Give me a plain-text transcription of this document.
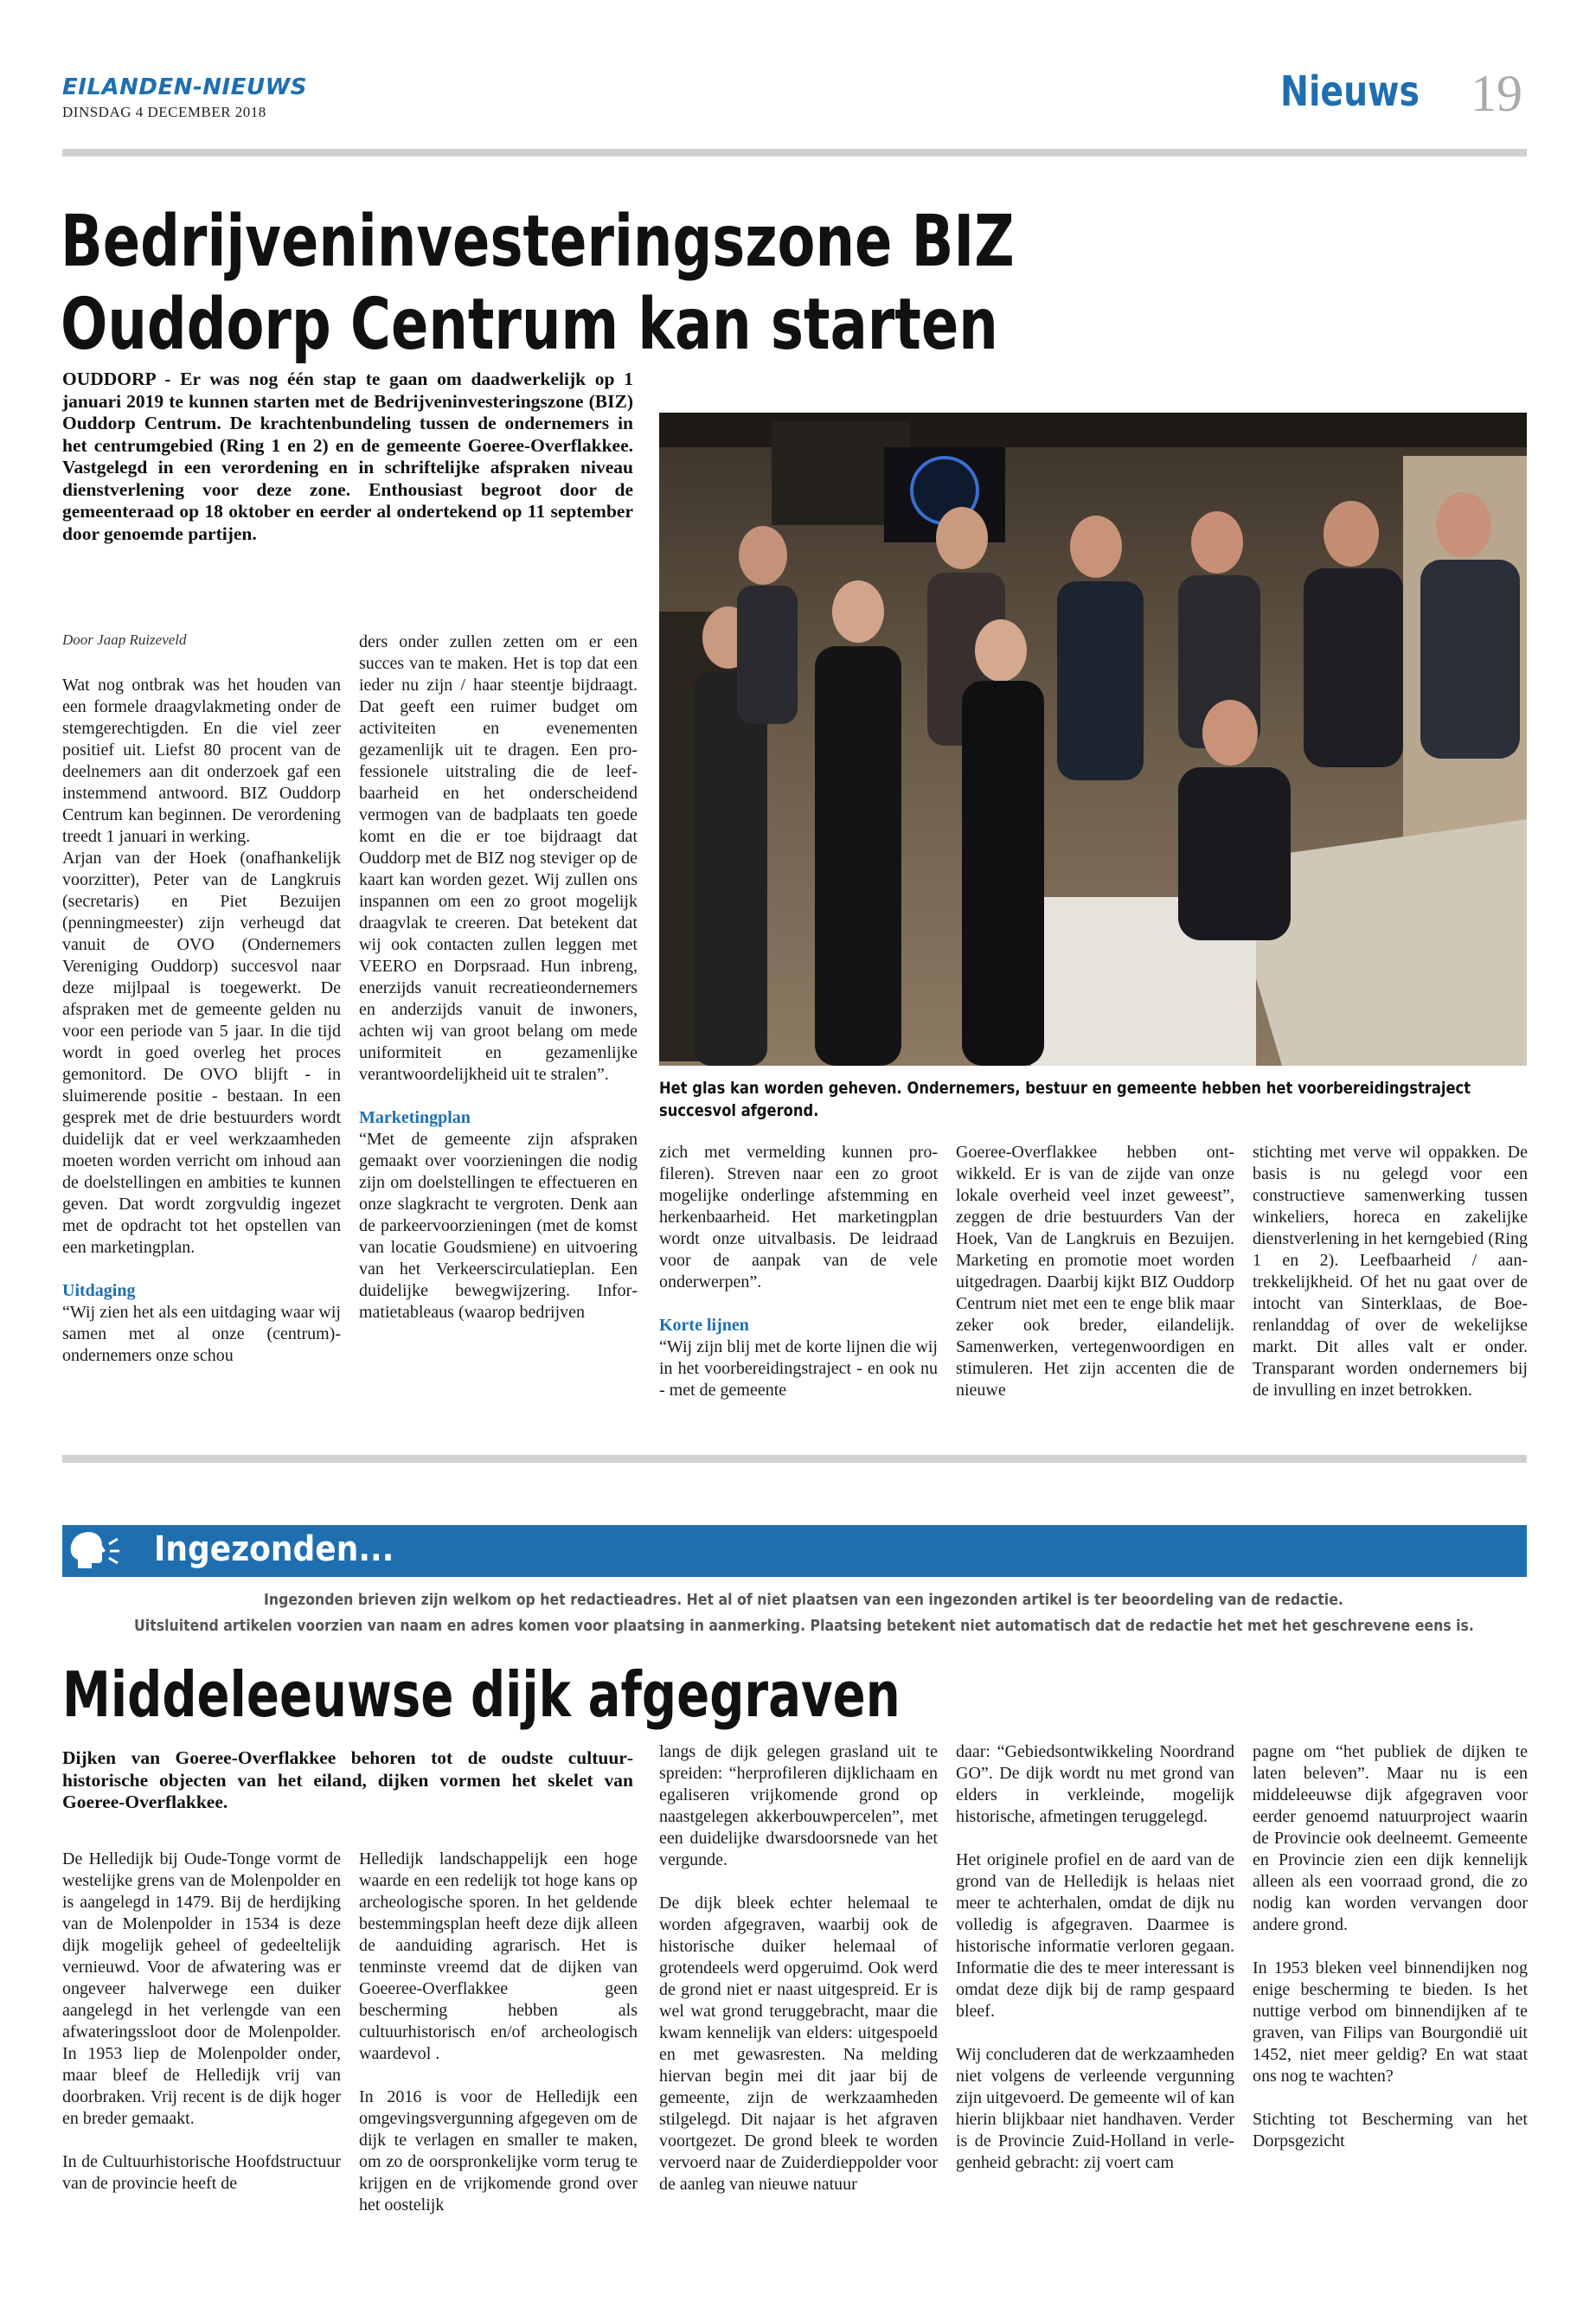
EILANDEN-NIEUWS
DINSDAG 4 DECEMBER 2018	Nieuws 19
Bedrijveninvesteringszone BIZ
Ouddorp Centrum kan starten

OUDDORP - Er was nog één stap te gaan om daadwerkelijk op 1 januari 2019 te kunnen starten met de Bedrijveninvesteringszone (BIZ) Ouddorp Centrum. De krachtenbundeling tussen de ondernemers in het centrumgebied (Ring 1 en 2) en de gemeente Goeree-Overflakkee. Vastgelegd in een verordening en in schriftelijke afspraken niveau dienstverlening voor deze zone. Enthousiast begroot door de gemeenteraad op 18 oktober en eerder al ondertekend op 11 september door genoemde partijen.

Door Jaap Ruizeveld

Wat nog ontbrak was het houden van een formele draagvlakmeting onder de stemgerechtigden. En die viel zeer positief uit. Liefst 80 procent van de deelnemers aan dit onderzoek gaf een instemmend antwoord. BIZ Ouddorp Centrum kan beginnen. De verordening treedt 1 januari in werking.
Arjan van der Hoek (onafhankelijk voorzitter), Peter van de Langkruis (secretaris) en Piet Bezuijen (penningmeester) zijn verheugd dat vanuit de OVO (Ondernemers Vereniging Ouddorp) succesvol naar deze mijlpaal is toegewerkt. De afspraken met de gemeente gelden nu voor een periode van 5 jaar. In die tijd wordt in goed overleg het proces gemonitord. De OVO blijft - in sluimerende positie - bestaan. In een gesprek met de drie bestuurders wordt duidelijk dat er veel werkzaamheden moeten worden verricht om inhoud aan de doelstellingen en ambities te kunnen geven. Dat wordt zorgvuldig ingezet met de opdracht tot het opstellen van een marketingplan.

Uitdaging

“Wij zien het als een uitdaging waar wij samen met al onze (centrum)-ondernemers onze schou

ders onder zullen zetten om er een succes van te maken. Het is top dat een ieder nu zijn / haar steentje bijdraagt. Dat geeft een ruimer budget om activiteiten en evenementen gezamenlijk uit te dragen. Een professionele uitstraling die de leefbaarheid en het onderscheidend vermogen van de badplaats ten goede komt en die er toe bijdraagt dat Ouddorp met de BIZ nog steviger op de kaart kan worden gezet. Wij zullen ons inspannen om een zo groot mogelijk draagvlak te creeren. Dat betekent dat wij ook contacten zullen leggen met VEERO en Dorpsraad. Hun inbreng, enerzijds vanuit recreatieondernemers en anderzijds vanuit de inwoners, achten wij van groot belang om mede uniformiteit en gezamenlijke verantwoordelijkheid uit te stralen”.

Marketingplan

“Met de gemeente zijn afspraken gemaakt over voorzieningen die nodig zijn om doelstellingen te effectueren en onze slagkracht te vergroten. Denk aan de parkeervoorzieningen (met de komst van locatie Goudsmiene) en uitvoering van het Verkeerscirculatieplan. Een duidelijke bewegwijzering. Informatietableaus (waarop bedrijven

Het glas kan worden geheven. Ondernemers, bestuur en gemeente hebben het voorbereidingstraject succesvol afgerond.

zich met vermelding kunnen profileren). Streven naar een zo groot mogelijke onderlinge afstemming en herkenbaarheid. Het marketingplan wordt onze uitvalbasis. De leidraad voor de aanpak van de vele onderwerpen”.

Korte lijnen

“Wij zijn blij met de korte lijnen die wij in het voorbereidingstraject - en ook nu - met de gemeente

Goeree-Overflakkee hebben ontwikkeld. Er is van de zijde van onze lokale overheid veel inzet geweest”, zeggen de drie bestuurders Van der Hoek, Van de Langkruis en Bezuijen. Marketing en promotie moet worden uitgedragen. Daarbij kijkt BIZ Ouddorp Centrum niet met een te enge blik maar zeker ook breder, eilandelijk. Samenwerken, vertegenwoordigen en stimuleren. Het zijn accenten die de nieuwe

stichting met verve wil oppakken. De basis is nu gelegd voor een constructieve samenwerking tussen winkeliers, horeca en zakelijke dienstverlening in het kerngebied (Ring 1 en 2). Leefbaarheid / aantrekkelijkheid. Of het nu gaat over de intocht van Sinterklaas, de Boerenlanddag of over de wekelijkse markt. Dit alles valt er onder. Transparant worden ondernemers bij de invulling en inzet betrokken.

Ingezonden...
Ingezonden brieven zijn welkom op het redactieadres. Het al of niet plaatsen van een ingezonden artikel is ter beoordeling van de redactie.
Uitsluitend artikelen voorzien van naam en adres komen voor plaatsing in aanmerking. Plaatsing betekent niet automatisch dat de redactie het met het geschrevene eens is.
Middeleeuwse dijk afgegraven

Dijken van Goeree-Overflakkee behoren tot de oudste cultuurhistorische objecten van het eiland, dijken vormen het skelet van Goeree-Overflakkee.

De Helledijk bij Oude-Tonge vormt de westelijke grens van de Molenpolder en is aangelegd in 1479. Bij de herdijking van de Molenpolder in 1534 is deze dijk mogelijk geheel of gedeeltelijk vernieuwd. Voor de afwatering was er ongeveer halverwege een duiker aangelegd in het verlengde van een afwateringssloot door de Molenpolder. In 1953 liep de Molenpolder onder, maar bleef de Helledijk vrij van doorbraken. Vrij recent is de dijk hoger en breder gemaakt.

In de Cultuurhistorische Hoofdstructuur van de provincie heeft de

Helledijk landschappelijk een hoge waarde en een redelijk tot hoge kans op archeologische sporen. In het geldende bestemmingsplan heeft deze dijk alleen de aanduiding agrarisch. Het is tenminste vreemd dat de dijken van Goeeree-Overflakkee geen bescherming hebben als cultuurhistorisch en/of archeologisch waardevol .

In 2016 is voor de Helledijk een omgevingsvergunning afgegeven om de dijk te verlagen en smaller te maken, om zo de oorspronkelijke vorm terug te krijgen en de vrijkomende grond over het oostelijk

langs de dijk gelegen grasland uit te spreiden: “herprofileren dijklichaam en egaliseren vrijkomende grond op naastgelegen akkerbouwpercelen”, met een duidelijke dwarsdoorsnede van het vergunde.

De dijk bleek echter helemaal te worden afgegraven, waarbij ook de historische duiker helemaal of grotendeels werd opgeruimd. Ook werd de grond niet er naast uitgespreid. Er is wel wat grond teruggebracht, maar die kwam kennelijk van elders: uitgespoeld en met gewasresten. Na melding hiervan begin mei dit jaar bij de gemeente, zijn de werkzaamheden stilgelegd. Dit najaar is het afgraven voortgezet. De grond bleek te worden vervoerd naar de Zuiderdieppolder voor de aanleg van nieuwe natuur

daar: “Gebiedsontwikkeling Noordrand GO”. De dijk wordt nu met grond van elders in verkleinde, mogelijk historische, afmetingen teruggelegd.

Het originele profiel en de aard van de grond van de Helledijk is helaas niet meer te achterhalen, omdat de dijk nu volledig is afgegraven. Daarmee is historische informatie verloren gegaan. Informatie die des te meer interessant is omdat deze dijk bij de ramp gespaard bleef.

Wij concluderen dat de werkzaamheden niet volgens de verleende vergunning zijn uitgevoerd. De gemeente wil of kan hierin blijkbaar niet handhaven. Verder is de Provincie Zuid-Holland in verlegenheid gebracht: zij voert cam

pagne om “het publiek de dijken te laten beleven”. Maar nu is een middeleeuwse dijk afgegraven voor eerder genoemd natuurproject waarin de Provincie ook deelneemt. Gemeente en Provincie zien een dijk kennelijk alleen als een voorraad grond, die zo nodig kan worden vervangen door andere grond.

In 1953 bleken veel binnendijken nog enige bescherming te bieden. Is het nuttige verbod om binnendijken af te graven, van Filips van Bourgondië uit 1452, niet meer geldig? En wat staat ons nog te wachten?

Stichting tot Bescherming van het Dorpsgezicht
